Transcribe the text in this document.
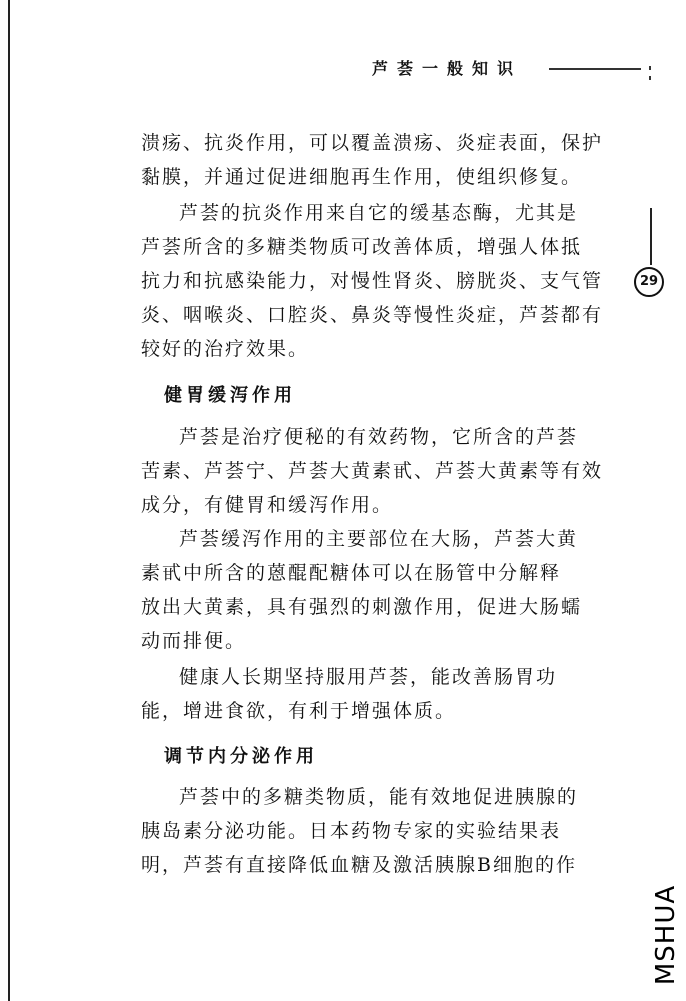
芦荟一般知识
29

溃疡、抗炎作用，可以覆盖溃疡、炎症表面，保护

黏膜，并通过促进细胞再生作用，使组织修复。

芦荟的抗炎作用来自它的缓基态酶，尤其是

芦荟所含的多糖类物质可改善体质，增强人体抵

抗力和抗感染能力，对慢性肾炎、膀胱炎、支气管

炎、咽喉炎、口腔炎、鼻炎等慢性炎症，芦荟都有

较好的治疗效果。

健胃缓泻作用

芦荟是治疗便秘的有效药物，它所含的芦荟

苦素、芦荟宁、芦荟大黄素甙、芦荟大黄素等有效

成分，有健胃和缓泻作用。

芦荟缓泻作用的主要部位在大肠，芦荟大黄

素甙中所含的蒽醌配糖体可以在肠管中分解释

放出大黄素，具有强烈的刺激作用，促进大肠蠕

动而排便。

健康人长期坚持服用芦荟，能改善肠胃功

能，增进食欲，有利于增强体质。

调节内分泌作用

芦荟中的多糖类物质，能有效地促进胰腺的

胰岛素分泌功能。日本药物专家的实验结果表

明，芦荟有直接降低血糖及激活胰腺B细胞的作

MSHUA
